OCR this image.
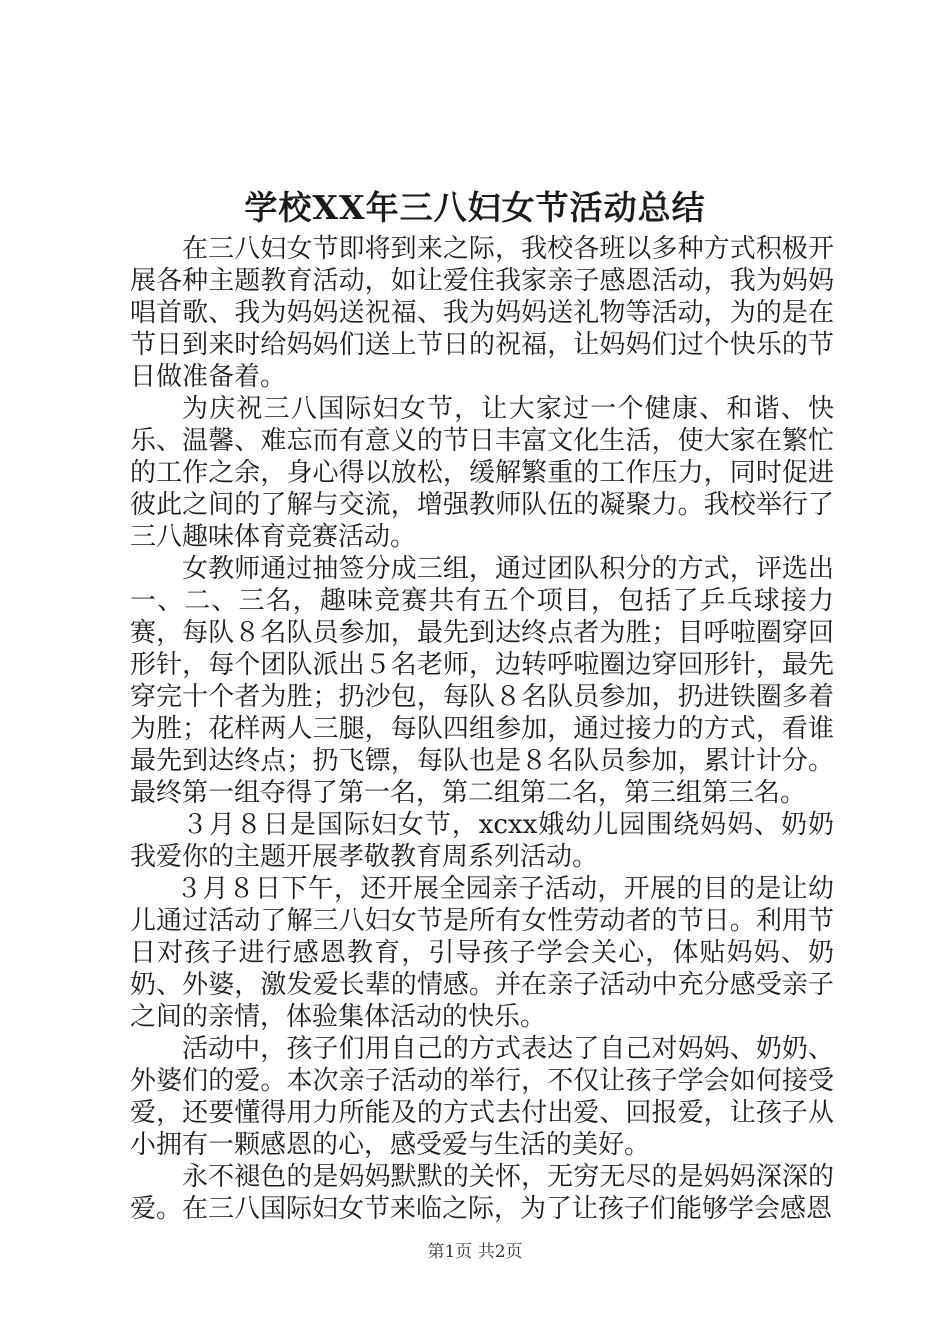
学校XX年三八妇女节活动总结

在三八妇女节即将到来之际，我校各班以多种方式积极开展各种主题教育活动，如让爱住我家亲子感恩活动，我为妈妈唱首歌、我为妈妈送祝福、我为妈妈送礼物等活动，为的是在节日到来时给妈妈们送上节日的祝福，让妈妈们过个快乐的节日做准备着。

为庆祝三八国际妇女节，让大家过一个健康、和谐、快乐、温馨、难忘而有意义的节日丰富文化生活，使大家在繁忙的工作之余，身心得以放松，缓解繁重的工作压力，同时促进彼此之间的了解与交流，增强教师队伍的凝聚力。我校举行了三八趣味体育竞赛活动。

女教师通过抽签分成三组，通过团队积分的方式，评选出一、二、三名，趣味竞赛共有五个项目，包括了乒乓球接力赛，每队８名队员参加，最先到达终点者为胜；目呼啦圈穿回形针，每个团队派出５名老师，边转呼啦圈边穿回形针，最先穿完十个者为胜；扔沙包，每队８名队员参加，扔进铁圈多着为胜；花样两人三腿，每队四组参加，通过接力的方式，看谁最先到达终点；扔飞镖，每队也是８名队员参加，累计计分。最终第一组夺得了第一名，第二组第二名，第三组第三名。

３月８日是国际妇女节，xcxx娥幼儿园围绕妈妈、奶奶我爱你的主题开展孝敬教育周系列活动。

３月８日下午，还开展全园亲子活动，开展的目的是让幼儿通过活动了解三八妇女节是所有女性劳动者的节日。利用节日对孩子进行感恩教育，引导孩子学会关心，体贴妈妈、奶奶、外婆，激发爱长辈的情感。并在亲子活动中充分感受亲子之间的亲情，体验集体活动的快乐。

活动中，孩子们用自己的方式表达了自己对妈妈、奶奶、外婆们的爱。本次亲子活动的举行，不仅让孩子学会如何接受爱，还要懂得用力所能及的方式去付出爱、回报爱，让孩子从小拥有一颗感恩的心，感受爱与生活的美好。

永不褪色的是妈妈默默的关怀，无穷无尽的是妈妈深深的爱。在三八国际妇女节来临之际，为了让孩子们能够学会感恩

第1页 共2页
